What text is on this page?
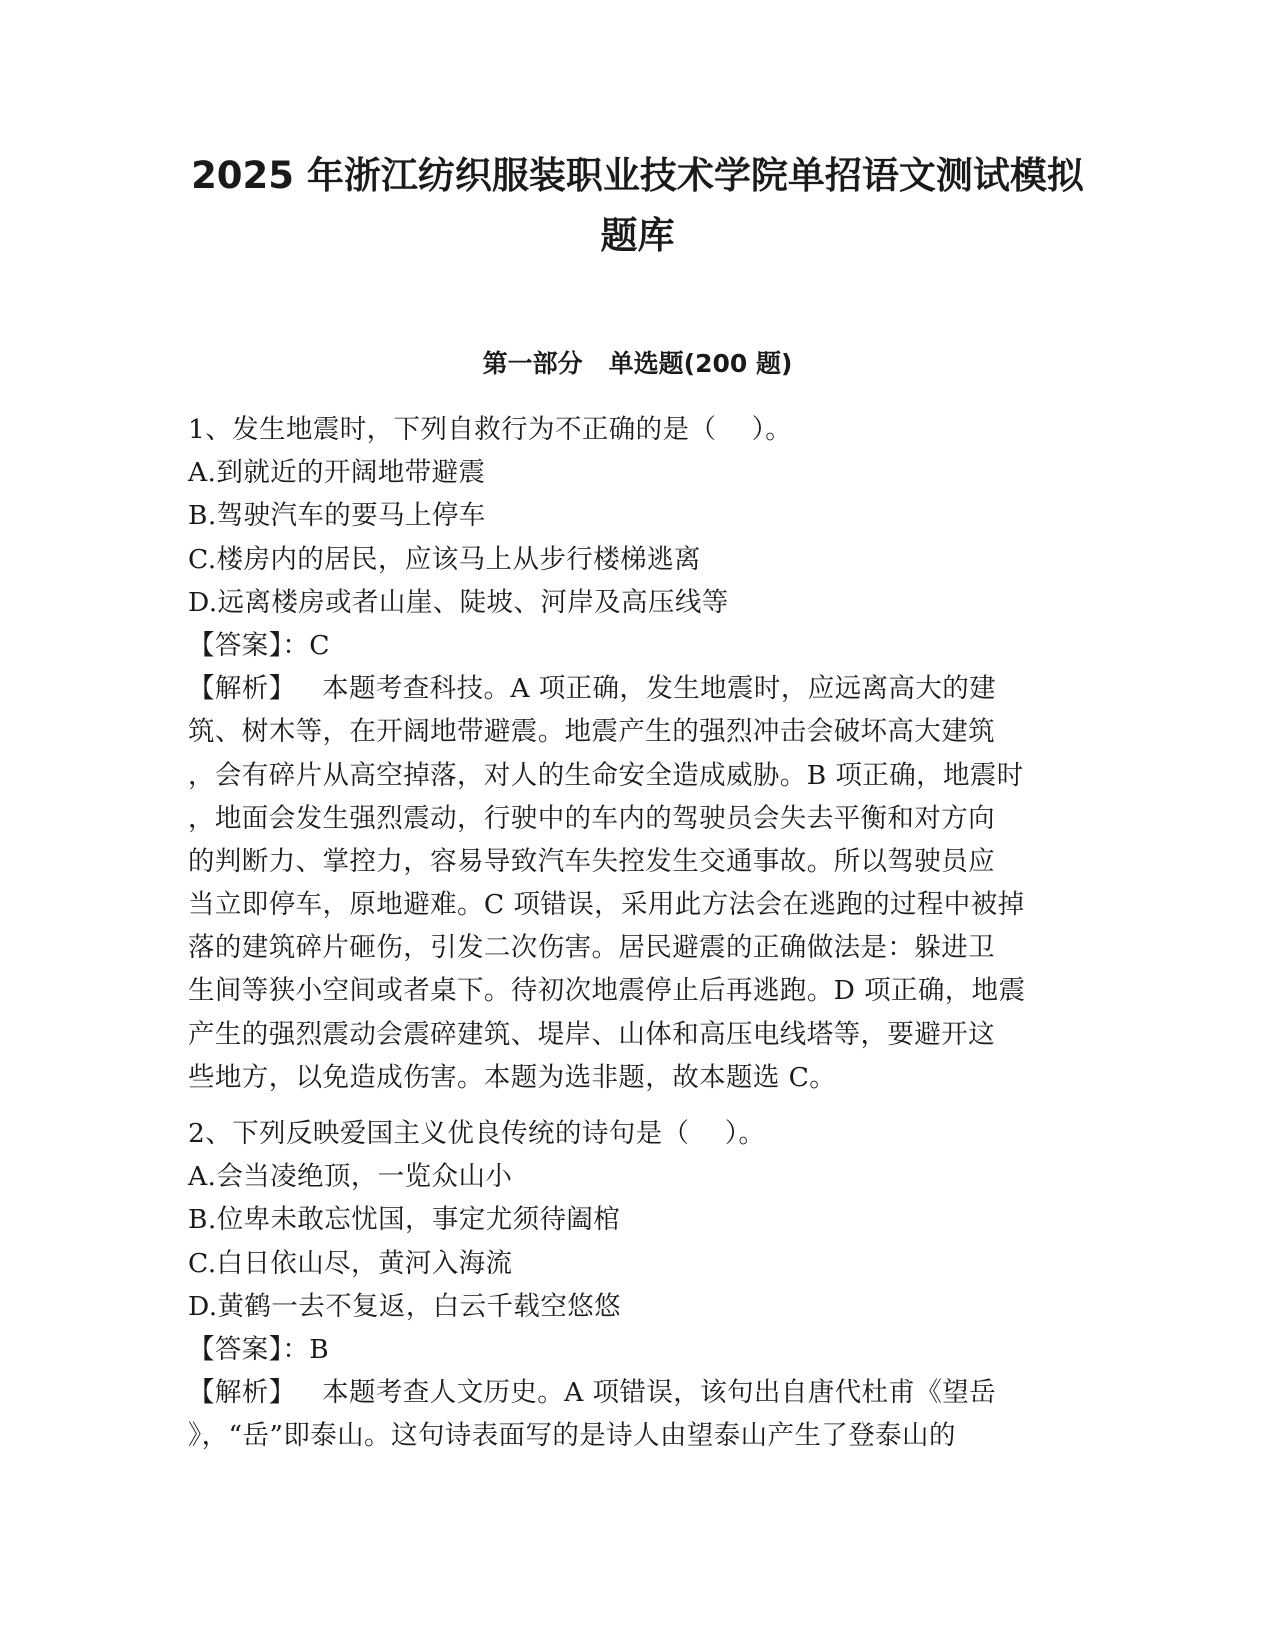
2025 年浙江纺织服装职业技术学院单招语文测试模拟
题库
第一部分   单选题(200 题)
1、发生地震时，下列自救行为不正确的是（    ）。
A.到就近的开阔地带避震
B.驾驶汽车的要马上停车
C.楼房内的居民，应该马上从步行楼梯逃离
D.远离楼房或者山崖、陡坡、河岸及高压线等
【答案】：C
【解析】   本题考查科技。A 项正确，发生地震时，应远离高大的建
筑、树木等，在开阔地带避震。地震产生的强烈冲击会破坏高大建筑
，会有碎片从高空掉落，对人的生命安全造成威胁。B 项正确，地震时
，地面会发生强烈震动，行驶中的车内的驾驶员会失去平衡和对方向
的判断力、掌控力，容易导致汽车失控发生交通事故。所以驾驶员应
当立即停车，原地避难。C 项错误，采用此方法会在逃跑的过程中被掉
落的建筑碎片砸伤，引发二次伤害。居民避震的正确做法是：躲进卫
生间等狭小空间或者桌下。待初次地震停止后再逃跑。D 项正确，地震
产生的强烈震动会震碎建筑、堤岸、山体和高压电线塔等，要避开这
些地方，以免造成伤害。本题为选非题，故本题选 C。
2、下列反映爱国主义优良传统的诗句是（    ）。
A.会当凌绝顶，一览众山小
B.位卑未敢忘忧国，事定尤须待阖棺
C.白日依山尽，黄河入海流
D.黄鹤一去不复返，白云千载空悠悠
【答案】：B
【解析】   本题考查人文历史。A 项错误，该句出自唐代杜甫《望岳
》，“岳”即泰山。这句诗表面写的是诗人由望泰山产生了登泰山的
